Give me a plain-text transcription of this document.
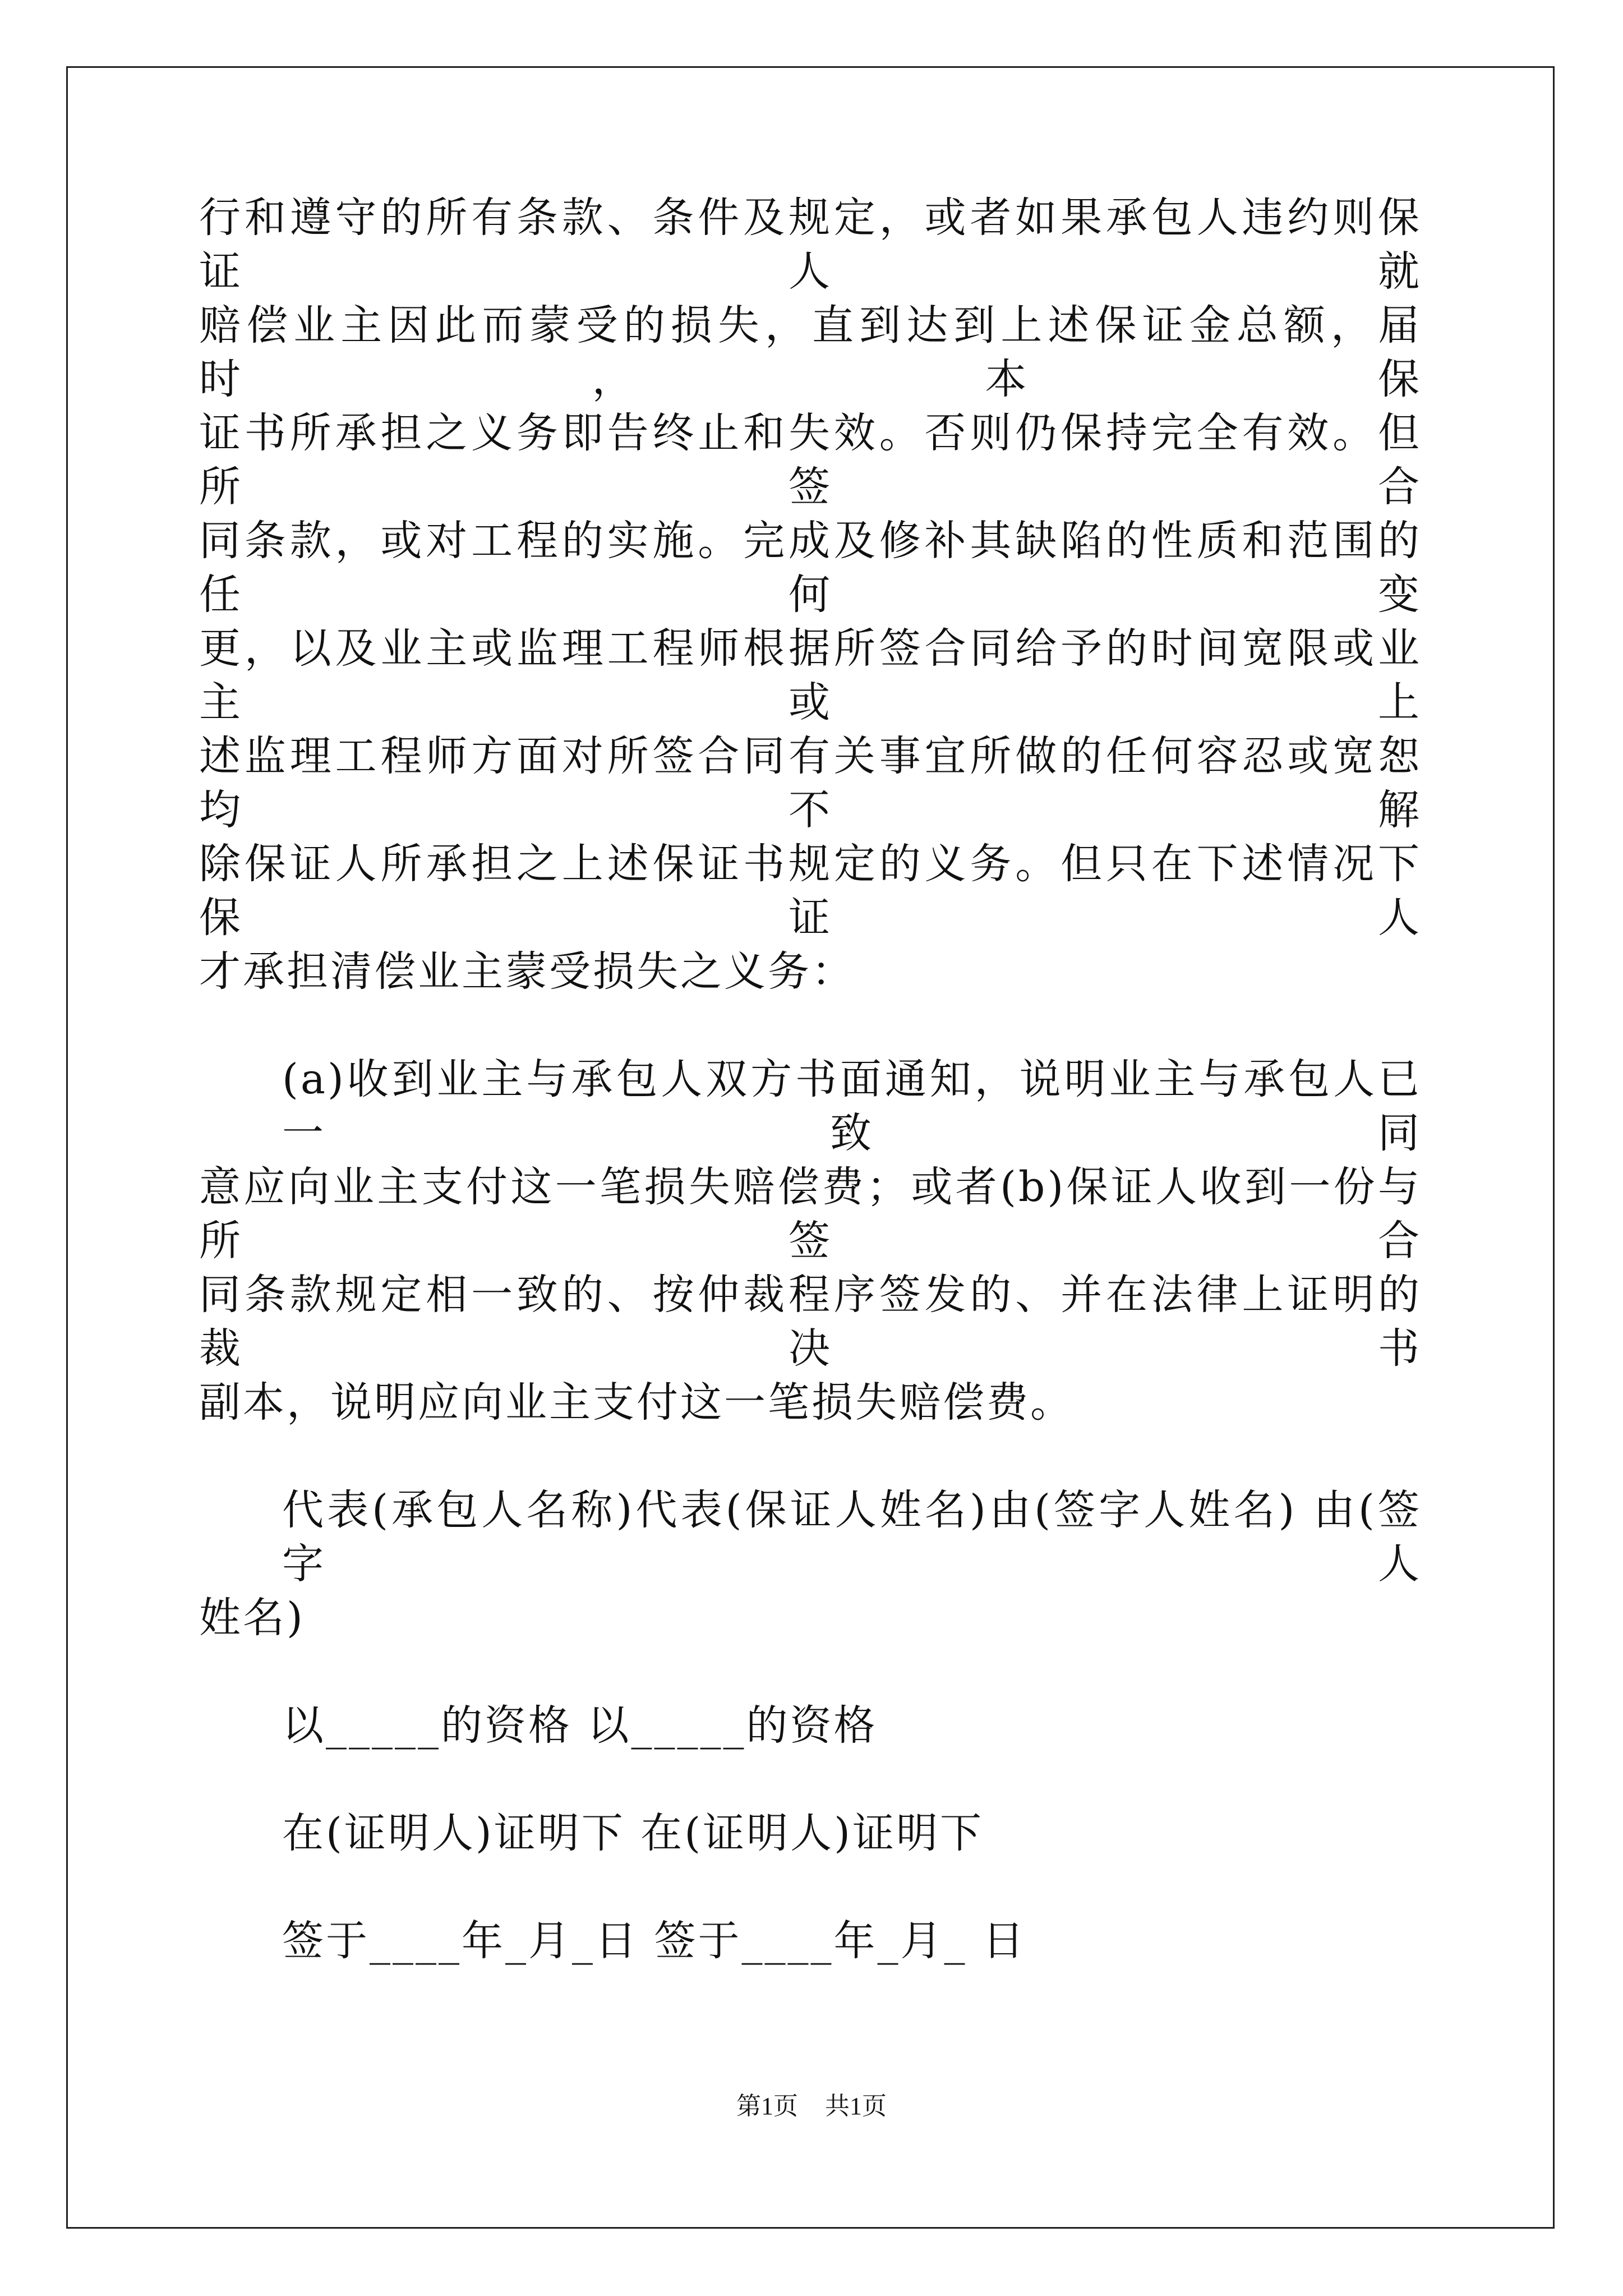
行和遵守的所有条款、条件及规定，或者如果承包人违约则保证人就
赔偿业主因此而蒙受的损失，直到达到上述保证金总额，届时，本保
证书所承担之义务即告终止和失效。否则仍保持完全有效。但所签合
同条款，或对工程的实施。完成及修补其缺陷的性质和范围的任何变
更，以及业主或监理工程师根据所签合同给予的时间宽限或业主或上
述监理工程师方面对所签合同有关事宜所做的任何容忍或宽恕均不解
除保证人所承担之上述保证书规定的义务。但只在下述情况下保证人
才承担清偿业主蒙受损失之义务：
(a)收到业主与承包人双方书面通知，说明业主与承包人已一致同
意应向业主支付这一笔损失赔偿费；或者(b)保证人收到一份与所签合
同条款规定相一致的、按仲裁程序签发的、并在法律上证明的裁决书
副本，说明应向业主支付这一笔损失赔偿费。
代表(承包人名称)代表(保证人姓名)由(签字人姓名) 由(签字人
姓名)
以_____的资格 以_____的资格
在(证明人)证明下 在(证明人)证明下
签于____年_月_日 签于____年_月_ 日
第1页 共1页
